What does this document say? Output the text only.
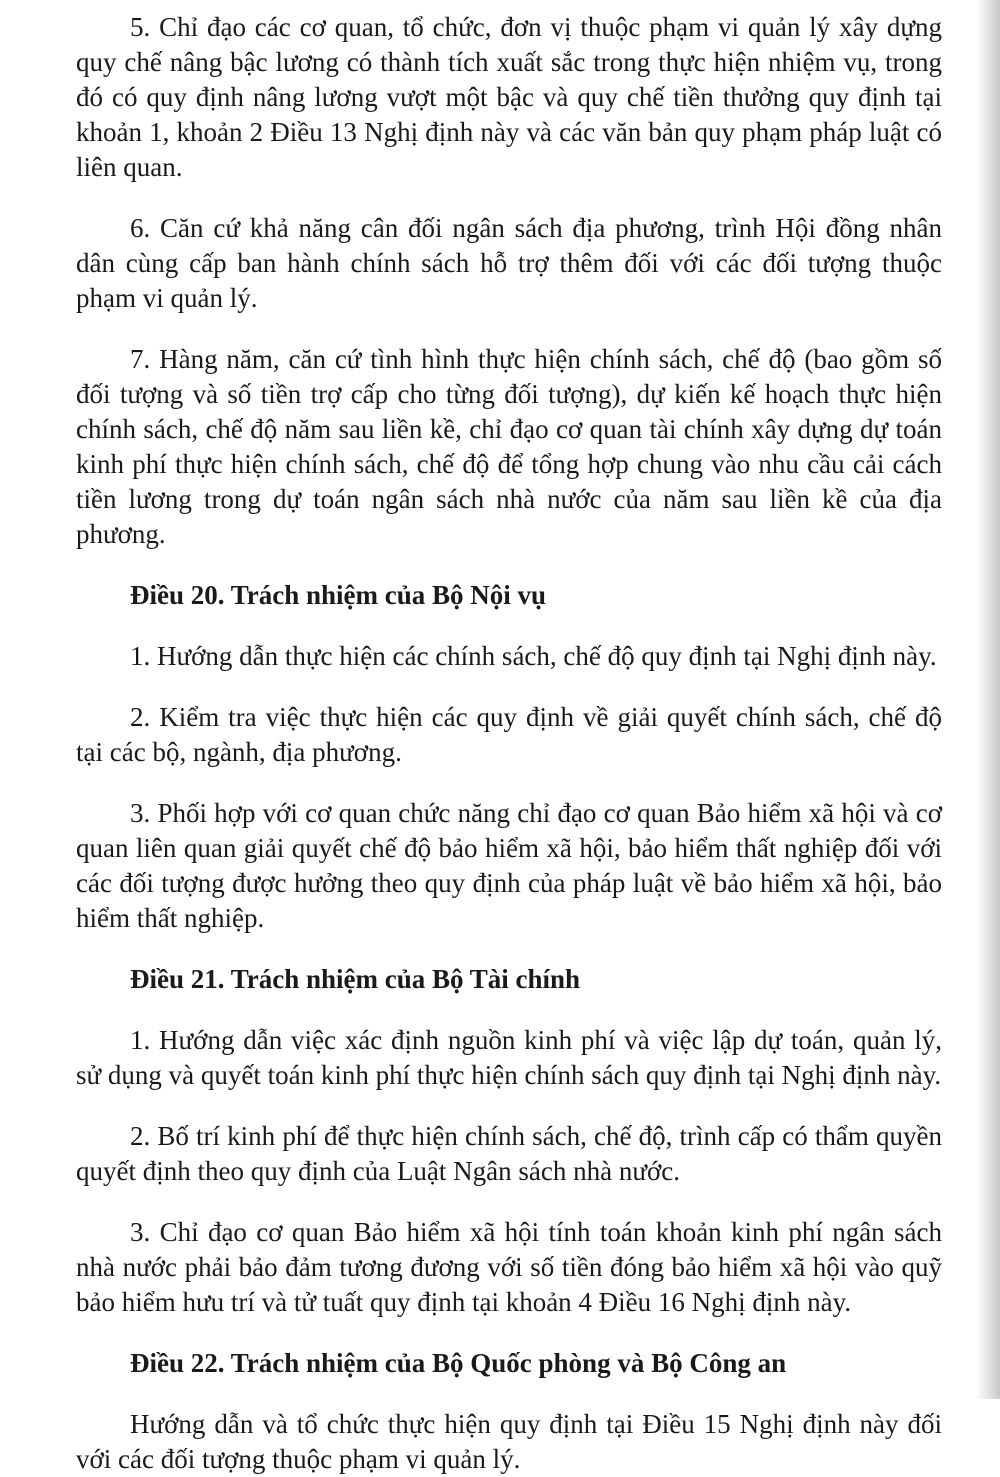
5. Chỉ đạo các cơ quan, tổ chức, đơn vị thuộc phạm vi quản lý xây dựng quy chế nâng bậc lương có thành tích xuất sắc trong thực hiện nhiệm vụ, trong đó có quy định nâng lương vượt một bậc và quy chế tiền thưởng quy định tại khoản 1, khoản 2 Điều 13 Nghị định này và các văn bản quy phạm pháp luật có liên quan.

6. Căn cứ khả năng cân đối ngân sách địa phương, trình Hội đồng nhân dân cùng cấp ban hành chính sách hỗ trợ thêm đối với các đối tượng thuộc phạm vi quản lý.

7. Hàng năm, căn cứ tình hình thực hiện chính sách, chế độ (bao gồm số đối tượng và số tiền trợ cấp cho từng đối tượng), dự kiến kế hoạch thực hiện chính sách, chế độ năm sau liền kề, chỉ đạo cơ quan tài chính xây dựng dự toán kinh phí thực hiện chính sách, chế độ để tổng hợp chung vào nhu cầu cải cách tiền lương trong dự toán ngân sách nhà nước của năm sau liền kề của địa phương.

Điều 20. Trách nhiệm của Bộ Nội vụ

1. Hướng dẫn thực hiện các chính sách, chế độ quy định tại Nghị định này.

2. Kiểm tra việc thực hiện các quy định về giải quyết chính sách, chế độ tại các bộ, ngành, địa phương.

3. Phối hợp với cơ quan chức năng chỉ đạo cơ quan Bảo hiểm xã hội và cơ quan liên quan giải quyết chế độ bảo hiểm xã hội, bảo hiểm thất nghiệp đối với các đối tượng được hưởng theo quy định của pháp luật về bảo hiểm xã hội, bảo hiểm thất nghiệp.

Điều 21. Trách nhiệm của Bộ Tài chính

1. Hướng dẫn việc xác định nguồn kinh phí và việc lập dự toán, quản lý, sử dụng và quyết toán kinh phí thực hiện chính sách quy định tại Nghị định này.

2. Bố trí kinh phí để thực hiện chính sách, chế độ, trình cấp có thẩm quyền quyết định theo quy định của Luật Ngân sách nhà nước.

3. Chỉ đạo cơ quan Bảo hiểm xã hội tính toán khoản kinh phí ngân sách nhà nước phải bảo đảm tương đương với số tiền đóng bảo hiểm xã hội vào quỹ bảo hiểm hưu trí và tử tuất quy định tại khoản 4 Điều 16 Nghị định này.

Điều 22. Trách nhiệm của Bộ Quốc phòng và Bộ Công an

Hướng dẫn và tổ chức thực hiện quy định tại Điều 15 Nghị định này đối với các đối tượng thuộc phạm vi quản lý.
